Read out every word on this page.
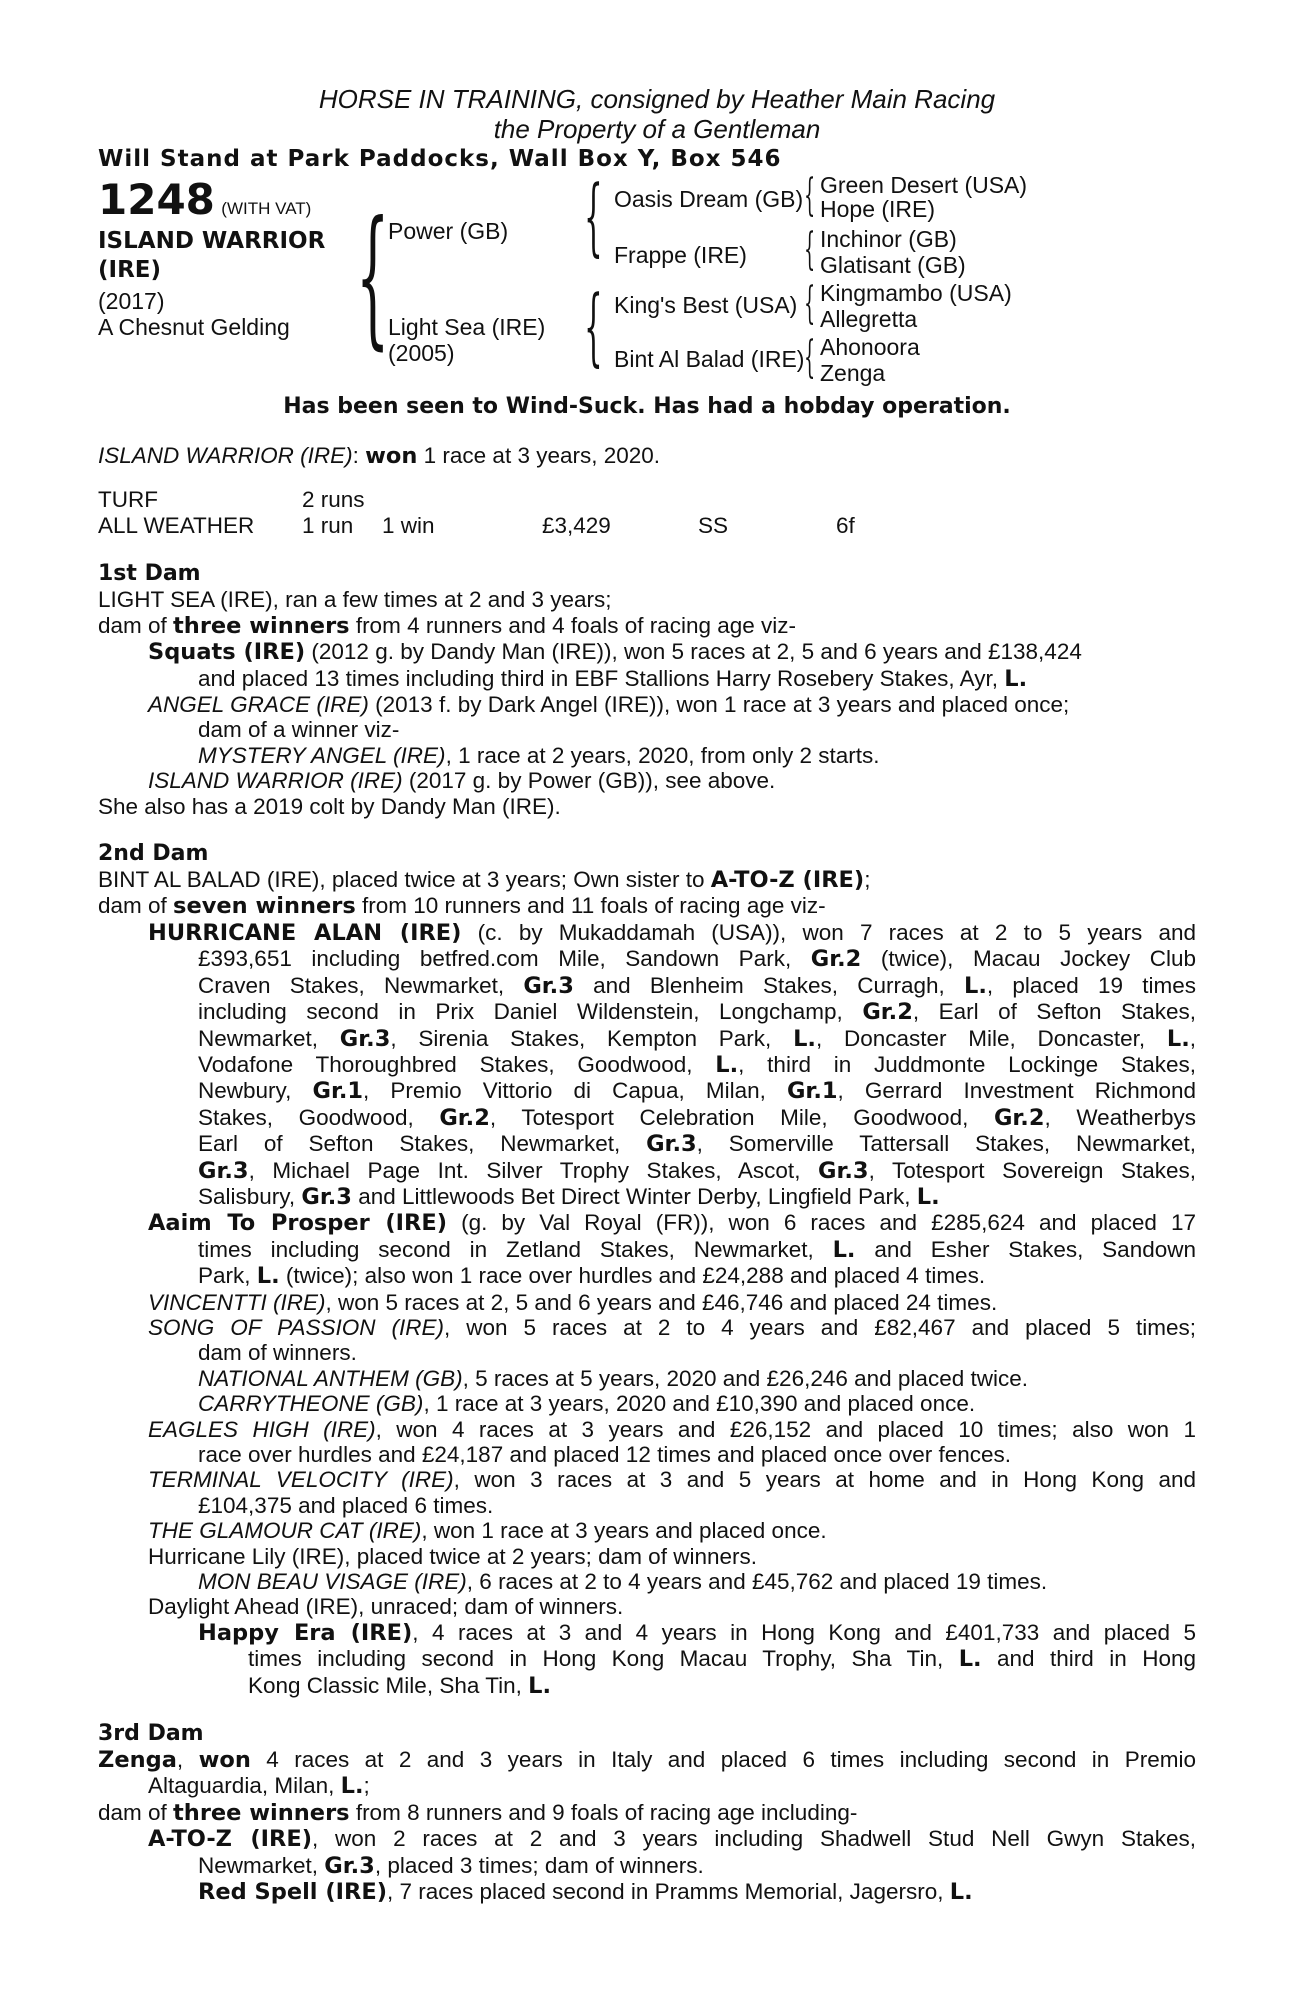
HORSE IN TRAINING, consigned by Heather Main Racing
the Property of a Gentleman
Will Stand at Park Paddocks, Wall Box Y, Box 546
1248 (WITH VAT)
ISLAND WARRIOR
(IRE)
(2017)
A Chesnut Gelding {
Power (GB)
Light Sea (IRE)
(2005)
{ Oasis Dream (GB)
Frappe (IRE)
{ King's Best (USA)
Bint Al Balad (IRE)
{ Green Desert (USA)
Hope (IRE)
{ Inchinor (GB)
Glatisant (GB)
{ Kingmambo (USA)
Allegretta
{ Ahonoora
Zenga
Has been seen to Wind-Suck. Has had a hobday operation.
ISLAND WARRIOR (IRE): won 1 race at 3 years, 2020.
TURF	2 runs
ALL WEATHER 1 run 1 win	£3,429	SS	6f
1st Dam
LIGHT SEA (IRE), ran a few times at 2 and 3 years;
dam of three winners from 4 runners and 4 foals of racing age viz-
Squats (IRE) (2012 g. by Dandy Man (IRE)), won 5 races at 2, 5 and 6 years and £138,424
and placed 13 times including third in EBF Stallions Harry Rosebery Stakes, Ayr, L.
ANGEL GRACE (IRE) (2013 f. by Dark Angel (IRE)), won 1 race at 3 years and placed once;
dam of a winner viz-
MYSTERY ANGEL (IRE), 1 race at 2 years, 2020, from only 2 starts.
ISLAND WARRIOR (IRE) (2017 g. by Power (GB)), see above.
She also has a 2019 colt by Dandy Man (IRE).
2nd Dam
BINT AL BALAD (IRE), placed twice at 3 years; Own sister to A-TO-Z (IRE);
dam of seven winners from 10 runners and 11 foals of racing age viz-
HURRICANE ALAN (IRE) (c. by Mukaddamah (USA)), won 7 races at 2 to 5 years and
£393,651 including betfred.com Mile, Sandown Park, Gr.2 (twice), Macau Jockey Club
Craven Stakes, Newmarket, Gr.3 and Blenheim Stakes, Curragh, L., placed 19 times
including second in Prix Daniel Wildenstein, Longchamp, Gr.2, Earl of Sefton Stakes,
Newmarket, Gr.3, Sirenia Stakes, Kempton Park, L., Doncaster Mile, Doncaster, L.,
Vodafone Thoroughbred Stakes, Goodwood, L., third in Juddmonte Lockinge Stakes,
Newbury, Gr.1, Premio Vittorio di Capua, Milan, Gr.1, Gerrard Investment Richmond
Stakes, Goodwood, Gr.2, Totesport Celebration Mile, Goodwood, Gr.2, Weatherbys
Earl of Sefton Stakes, Newmarket, Gr.3, Somerville Tattersall Stakes, Newmarket,
Gr.3, Michael Page Int. Silver Trophy Stakes, Ascot, Gr.3, Totesport Sovereign Stakes,
Salisbury, Gr.3 and Littlewoods Bet Direct Winter Derby, Lingfield Park, L.
Aaim To Prosper (IRE) (g. by Val Royal (FR)), won 6 races and £285,624 and placed 17
times including second in Zetland Stakes, Newmarket, L. and Esher Stakes, Sandown
Park, L. (twice); also won 1 race over hurdles and £24,288 and placed 4 times.
VINCENTTI (IRE), won 5 races at 2, 5 and 6 years and £46,746 and placed 24 times.
SONG OF PASSION (IRE), won 5 races at 2 to 4 years and £82,467 and placed 5 times;
dam of winners.
NATIONAL ANTHEM (GB), 5 races at 5 years, 2020 and £26,246 and placed twice.
CARRYTHEONE (GB), 1 race at 3 years, 2020 and £10,390 and placed once.
EAGLES HIGH (IRE), won 4 races at 3 years and £26,152 and placed 10 times; also won 1
race over hurdles and £24,187 and placed 12 times and placed once over fences.
TERMINAL VELOCITY (IRE), won 3 races at 3 and 5 years at home and in Hong Kong and
£104,375 and placed 6 times.
THE GLAMOUR CAT (IRE), won 1 race at 3 years and placed once.
Hurricane Lily (IRE), placed twice at 2 years; dam of winners.
MON BEAU VISAGE (IRE), 6 races at 2 to 4 years and £45,762 and placed 19 times.
Daylight Ahead (IRE), unraced; dam of winners.
Happy Era (IRE), 4 races at 3 and 4 years in Hong Kong and £401,733 and placed 5
times including second in Hong Kong Macau Trophy, Sha Tin, L. and third in Hong
Kong Classic Mile, Sha Tin, L.
3rd Dam
Zenga, won 4 races at 2 and 3 years in Italy and placed 6 times including second in Premio
Altaguardia, Milan, L.;
dam of three winners from 8 runners and 9 foals of racing age including-
A-TO-Z (IRE), won 2 races at 2 and 3 years including Shadwell Stud Nell Gwyn Stakes,
Newmarket, Gr.3, placed 3 times; dam of winners.
Red Spell (IRE), 7 races placed second in Pramms Memorial, Jagersro, L.
